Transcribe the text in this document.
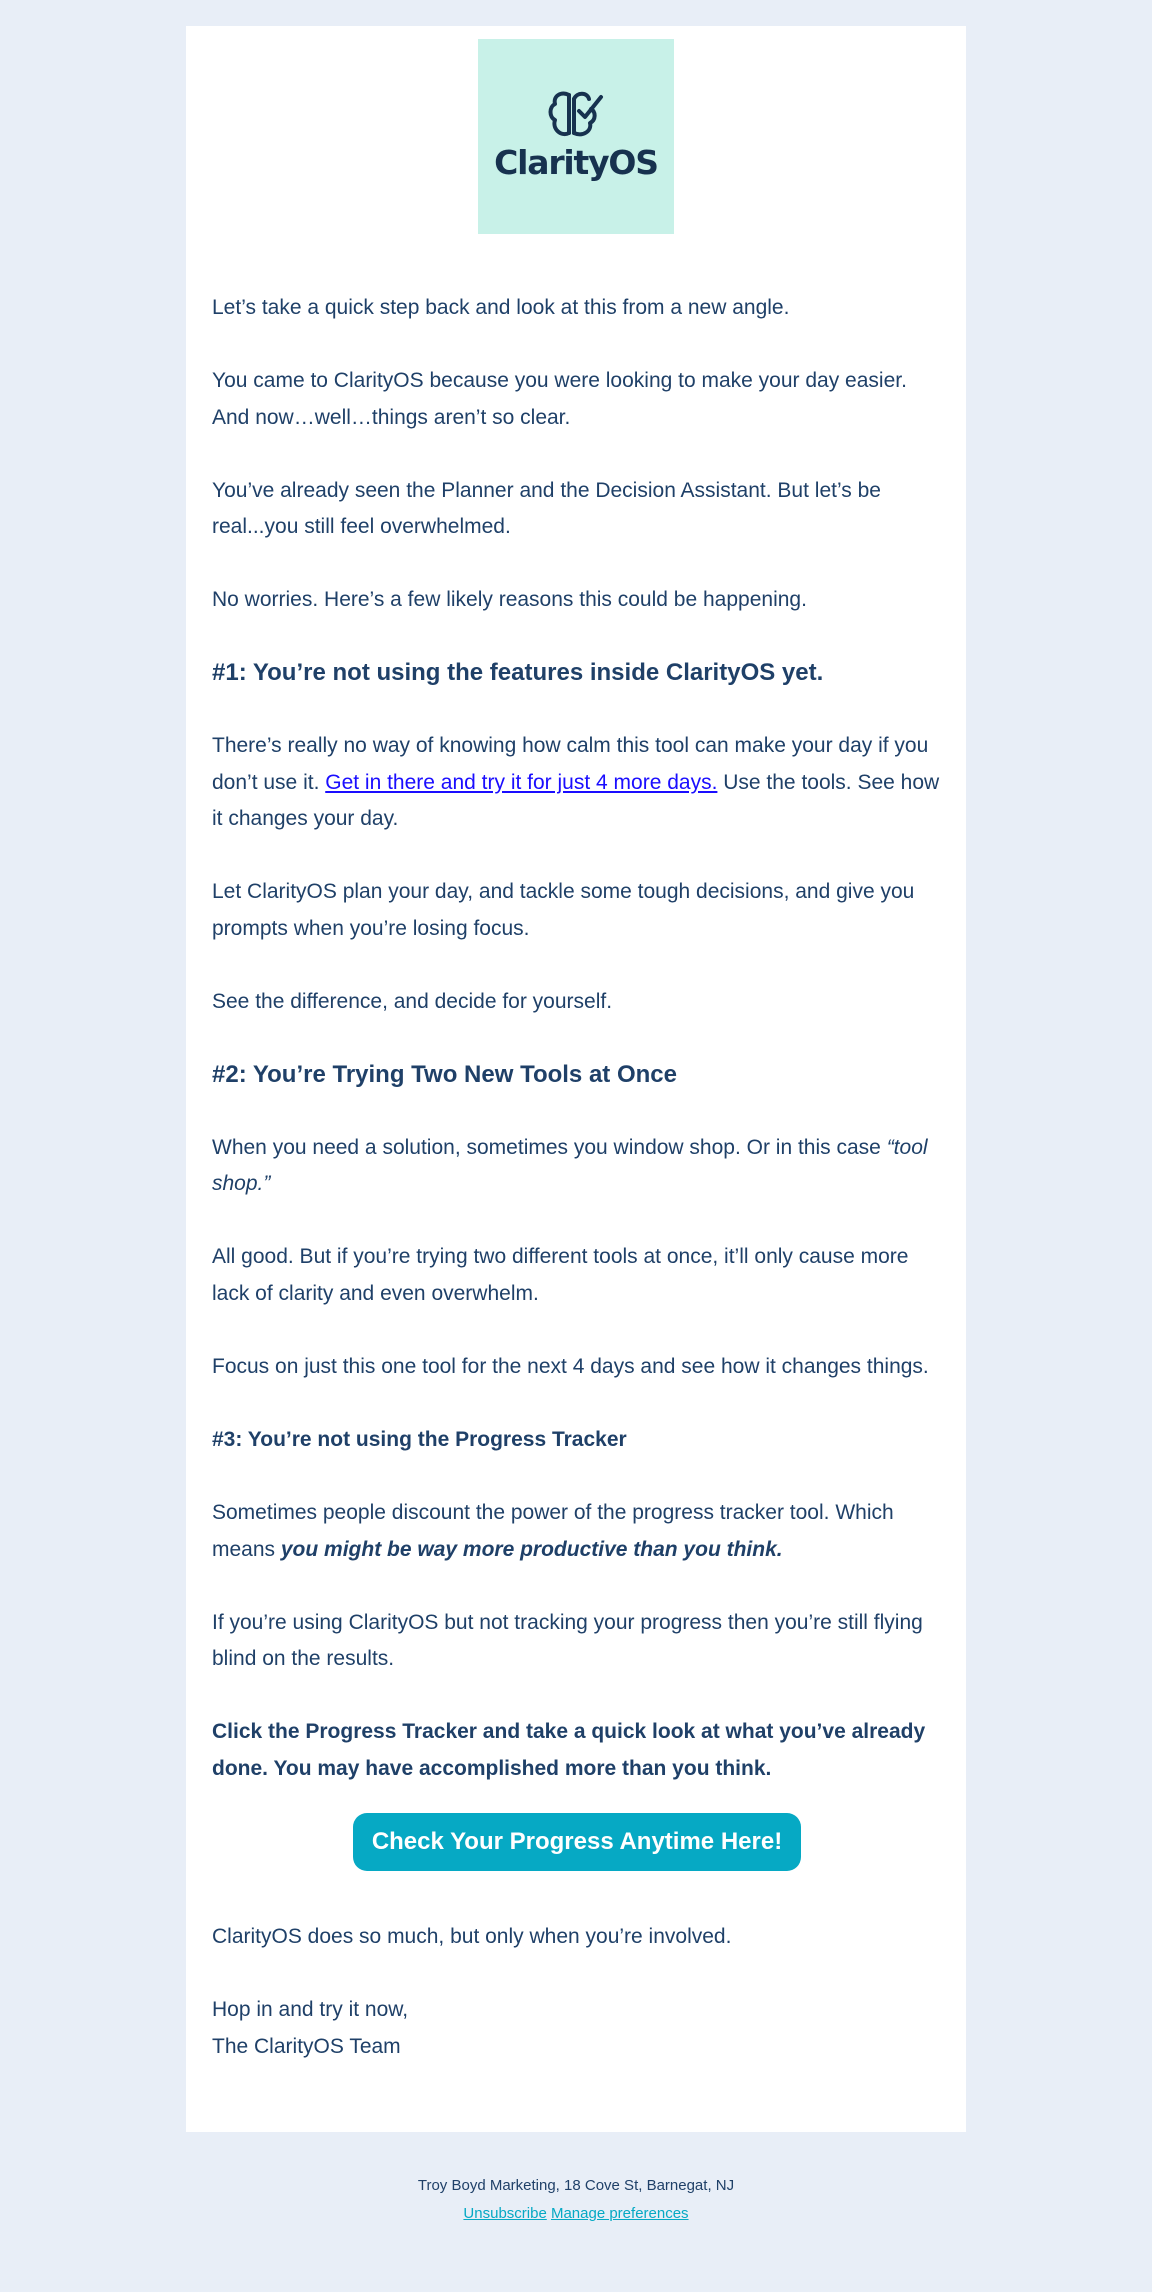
ClarityOS

Let’s take a quick step back and look at this from a new angle.

You came to ClarityOS because you were looking to make your day easier. And now…well…things aren’t so clear.

You’ve already seen the Planner and the Decision Assistant. But let’s be real...you still feel overwhelmed.

No worries. Here’s a few likely reasons this could be happening.

#1: You’re not using the features inside ClarityOS yet.

There’s really no way of knowing how calm this tool can make your day if you don’t use it. Get in there and try it for just 4 more days. Use the tools. See how it changes your day.

Let ClarityOS plan your day, and tackle some tough decisions, and give you prompts when you’re losing focus.

See the difference, and decide for yourself.

#2: You’re Trying Two New Tools at Once

When you need a solution, sometimes you window shop. Or in this case “tool shop.”

All good. But if you’re trying two different tools at once, it’ll only cause more lack of clarity and even overwhelm.

Focus on just this one tool for the next 4 days and see how it changes things.

#3: You’re not using the Progress Tracker

Sometimes people discount the power of the progress tracker tool. Which means you might be way more productive than you think.

If you’re using ClarityOS but not tracking your progress then you’re still flying blind on the results.

Click the Progress Tracker and take a quick look at what you’ve already done. You may have accomplished more than you think.

Check Your Progress Anytime Here!

ClarityOS does so much, but only when you’re involved.

Hop in and try it now,
The ClarityOS Team

Troy Boyd Marketing, 18 Cove St, Barnegat, NJ
Unsubscribe Manage preferences
